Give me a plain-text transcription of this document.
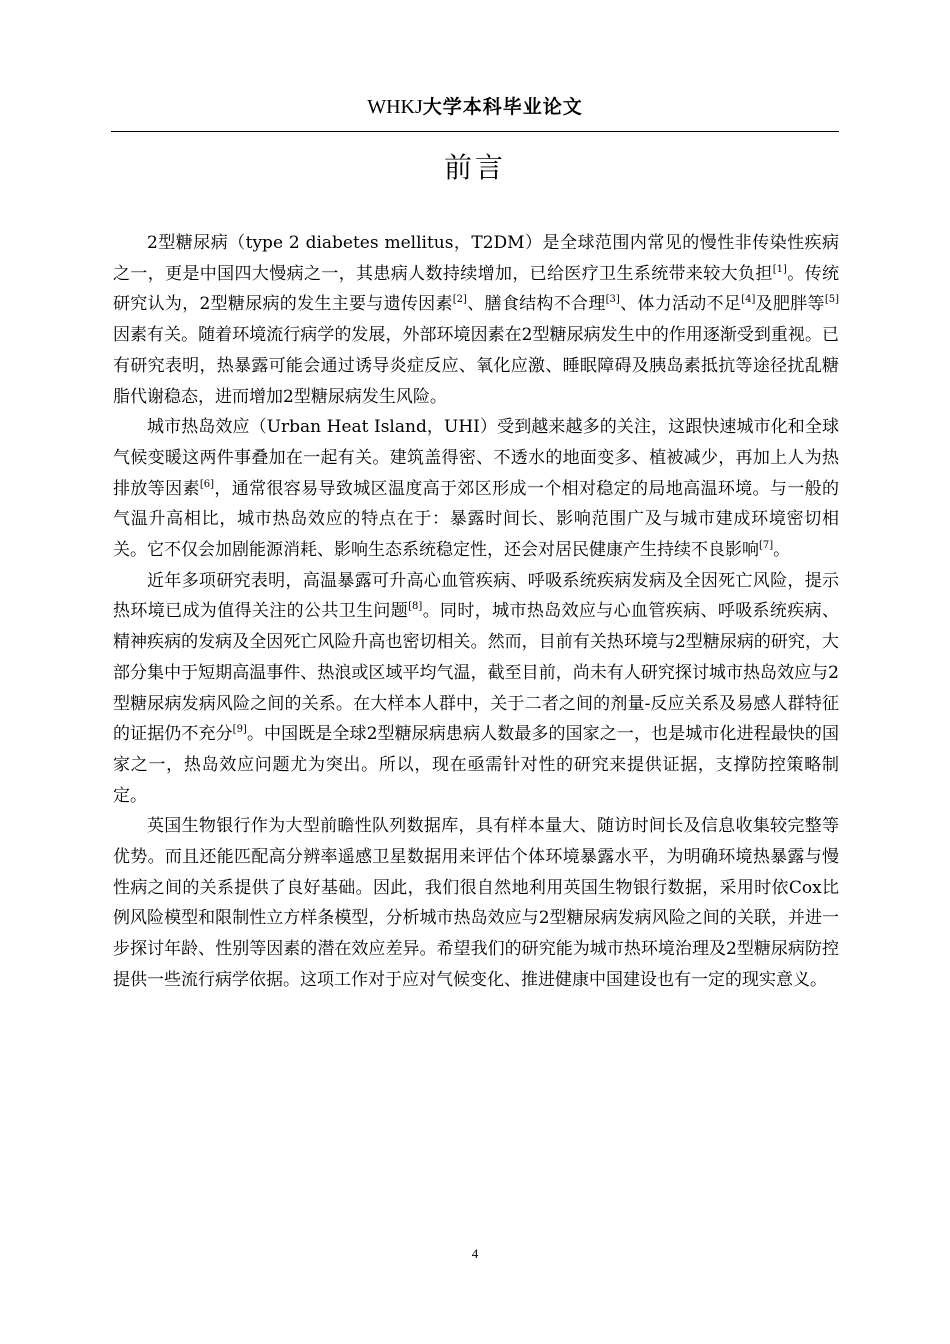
WHKJ大学本科毕业论文
前言

2型糖尿病（type 2 diabetes mellitus，T2DM）是全球范围内常见的慢性非传染性疾病之一，更是中国四大慢病之一，其患病人数持续增加，已给医疗卫生系统带来较大负担[1]。传统研究认为，2型糖尿病的发生主要与遗传因素[2]、膳食结构不合理[3]、体力活动不足[4]及肥胖等[5]因素有关。随着环境流行病学的发展，外部环境因素在2型糖尿病发生中的作用逐渐受到重视。已有研究表明，热暴露可能会通过诱导炎症反应、氧化应激、睡眠障碍及胰岛素抵抗等途径扰乱糖脂代谢稳态，进而增加2型糖尿病发生风险。

城市热岛效应（Urban Heat Island，UHI）受到越来越多的关注，这跟快速城市化和全球气候变暖这两件事叠加在一起有关。建筑盖得密、不透水的地面变多、植被减少，再加上人为热排放等因素[6]，通常很容易导致城区温度高于郊区形成一个相对稳定的局地高温环境。与一般的气温升高相比，城市热岛效应的特点在于：暴露时间长、影响范围广及与城市建成环境密切相关。它不仅会加剧能源消耗、影响生态系统稳定性，还会对居民健康产生持续不良影响[7]。

近年多项研究表明，高温暴露可升高心血管疾病、呼吸系统疾病发病及全因死亡风险，提示热环境已成为值得关注的公共卫生问题[8]。同时，城市热岛效应与心血管疾病、呼吸系统疾病、精神疾病的发病及全因死亡风险升高也密切相关。然而，目前有关热环境与2型糖尿病的研究，大部分集中于短期高温事件、热浪或区域平均气温，截至目前，尚未有人研究探讨城市热岛效应与2型糖尿病发病风险之间的关系。在大样本人群中，关于二者之间的剂量-反应关系及易感人群特征的证据仍不充分[9]。中国既是全球2型糖尿病患病人数最多的国家之一，也是城市化进程最快的国家之一，热岛效应问题尤为突出。所以，现在亟需针对性的研究来提供证据，支撑防控策略制定。

英国生物银行作为大型前瞻性队列数据库，具有样本量大、随访时间长及信息收集较完整等优势。而且还能匹配高分辨率遥感卫星数据用来评估个体环境暴露水平，为明确环境热暴露与慢性病之间的关系提供了良好基础。因此，我们很自然地利用英国生物银行数据，采用时依Cox比例风险模型和限制性立方样条模型，分析城市热岛效应与2型糖尿病发病风险之间的关联，并进一步探讨年龄、性别等因素的潜在效应差异。希望我们的研究能为城市热环境治理及2型糖尿病防控提供一些流行病学依据。这项工作对于应对气候变化、推进健康中国建设也有一定的现实意义。

4
